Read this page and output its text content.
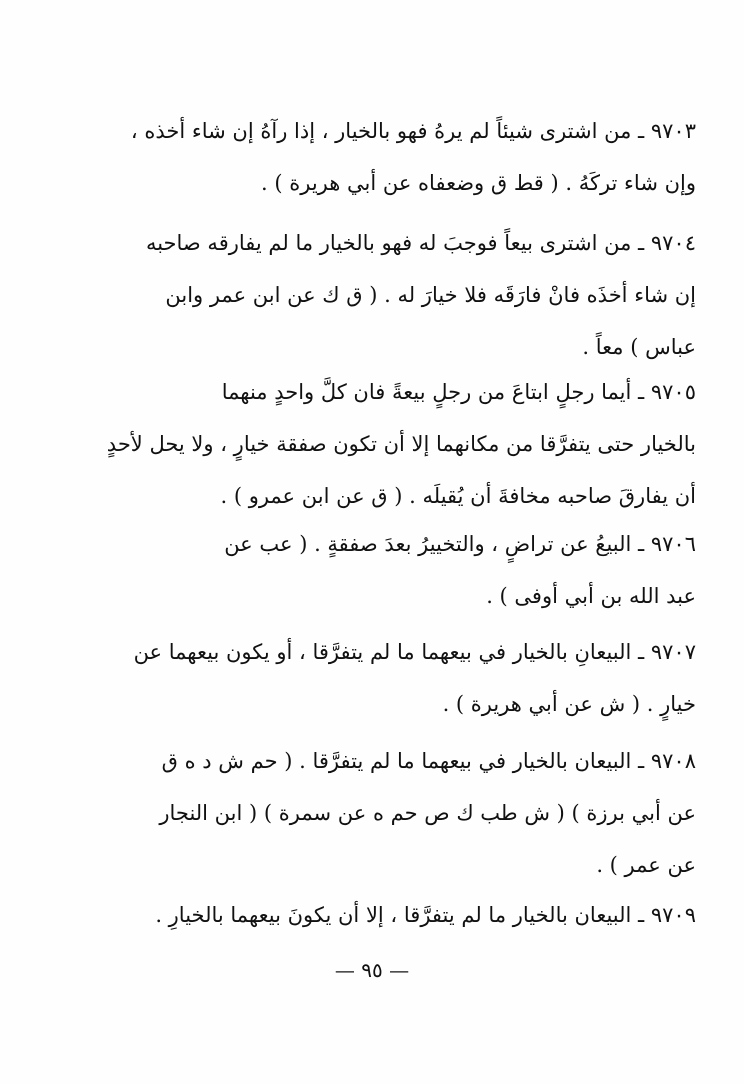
٩٧٠٣ ـ من اشترى شيئاً لم يرهُ فهو بالخيار ، إذا رآهُ إن شاء أخذه ،
وإن شاء تركَهُ . ( قط ق وضعفاه عن أبي هريرة ) .
٩٧٠٤ ـ من اشترى بيعاً فوجبَ له فهو بالخيار ما لم يفارقه صاحبه
إن شاء أخذَه فانْ فارَقَه فلا خيارَ له . ( ق ك عن ابن عمر وابن
عباس ) معاً .
٩٧٠٥ ـ أيما رجلٍ ابتاعَ من رجلٍ بيعةً فان كلَّ واحدٍ منهما
بالخيار حتى يتفرَّقا من مكانهما إلا أن تكون صفقة خيارٍ ، ولا يحل لأحدٍ
أن يفارقَ صاحبه مخافةَ أن يُقيلَه . ( ق عن ابن عمرو ) .
٩٧٠٦ ـ البيعُ عن تراضٍ ، والتخييرُ بعدَ صفقةٍ . ( عب عن
عبد الله بن أبي أوفى ) .
٩٧٠٧ ـ البيعانِ بالخيار في بيعهما ما لم يتفرَّقا ، أو يكون بيعهما عن
خيارٍ . ( ش عن أبي هريرة ) .
٩٧٠٨ ـ البيعان بالخيار في بيعهما ما لم يتفرَّقا . ( حم ش د ه ق
عن أبي برزة ) ( ش طب ك ص حم ه عن سمرة ) ( ابن النجار
عن عمر ) .
٩٧٠٩ ـ البيعان بالخيار ما لم يتفرَّقا ، إلا أن يكونَ بيعهما بالخيارِ .
— ٩٥ —
